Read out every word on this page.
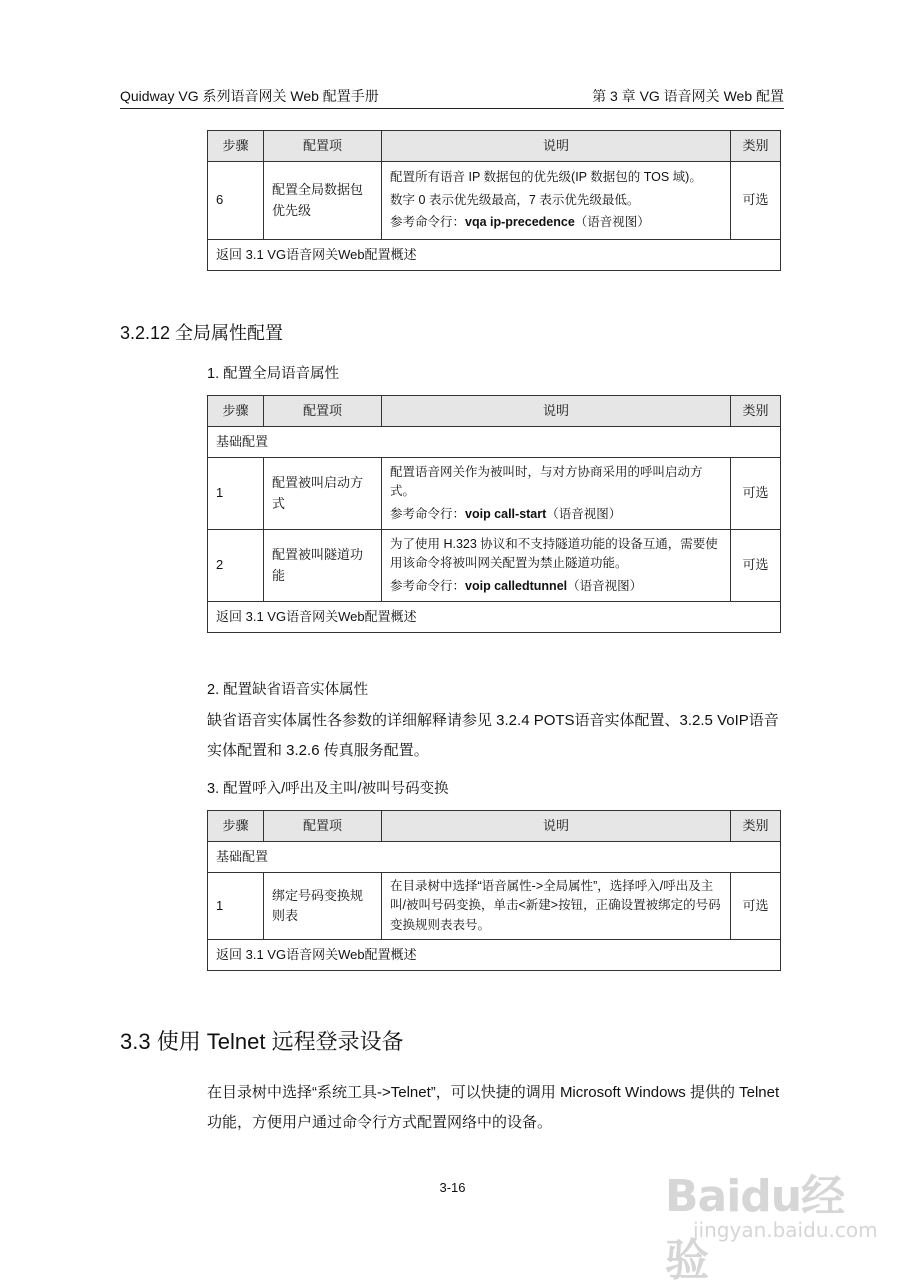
Quidway VG 系列语音网关 Web 配置手册	第 3 章 VG 语音网关 Web 配置
步骤	配置项	说明	类别
6	配置全局数据包优先级	配置所有语音 IP 数据包的优先级(IP 数据包的 TOS 域)。

数字 0 表示优先级最高，7 表示优先级最低。

参考命令行：vqa ip-precedence（语音视图）	可选
返回 3.1 VG语音网关Web配置概述			
3.2.12 全局属性配置
1. 配置全局语音属性
步骤	配置项	说明	类别
基础配置			
1	配置被叫启动方式	配置语音网关作为被叫时，与对方协商采用的呼叫启动方式。

参考命令行：voip call-start（语音视图）	可选
2	配置被叫隧道功能	为了使用 H.323 协议和不支持隧道功能的设备互通，需要使用该命令将被叫网关配置为禁止隧道功能。

参考命令行：voip calledtunnel（语音视图）	可选
返回 3.1 VG语音网关Web配置概述			
2. 配置缺省语音实体属性
缺省语音实体属性各参数的详细解释请参见 3.2.4 POTS语音实体配置、3.2.5 VoIP语音实体配置和 3.2.6 传真服务配置。
3. 配置呼入/呼出及主叫/被叫号码变换
步骤	配置项	说明	类别
基础配置			
1	绑定号码变换规则表	在目录树中选择“语音属性->全局属性”，选择呼入/呼出及主叫/被叫号码变换，单击<新建>按钮，正确设置被绑定的号码变换规则表表号。	可选
返回 3.1 VG语音网关Web配置概述			
3.3 使用 Telnet 远程登录设备
在目录树中选择“系统工具->Telnet”，可以快捷的调用 Microsoft Windows 提供的 Telnet 功能，方便用户通过命令行方式配置网络中的设备。
3-16	Baidu经验
jingyan.baidu.com
